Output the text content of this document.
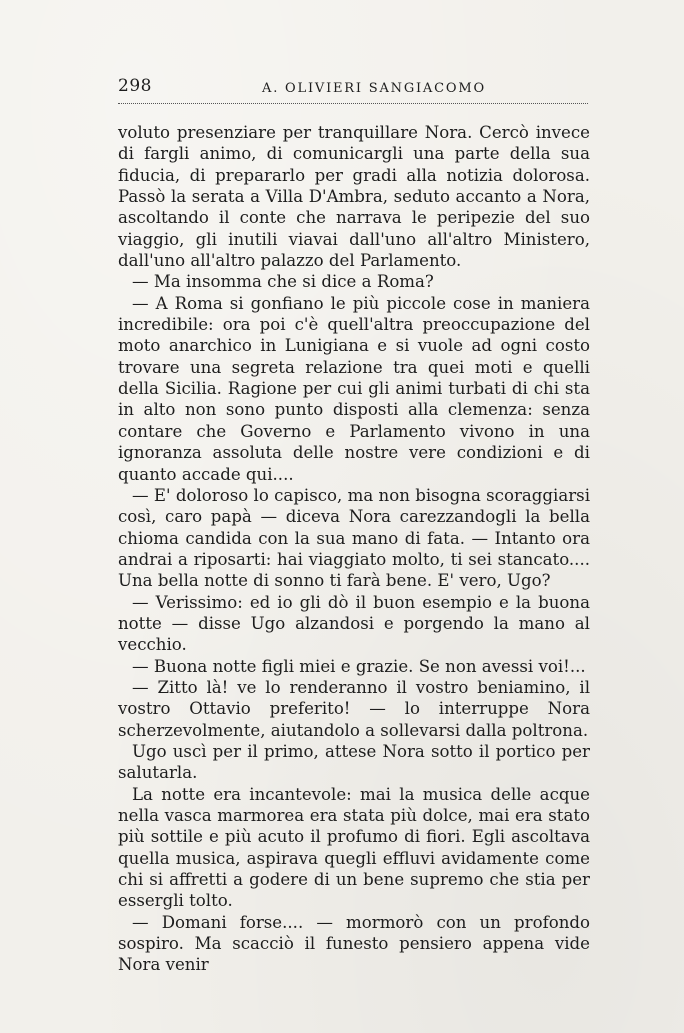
298	A. OLIVIERI SANGIACOMO

voluto presenziare per tranquillare Nora. Cercò invece di fargli animo, di comunicargli una parte della sua fiducia, di prepararlo per gradi alla notizia dolorosa. Passò la serata a Villa D'Ambra, seduto accanto a Nora, ascoltando il conte che narrava le peripezie del suo viaggio, gli inutili viavai dall'uno all'altro Ministero, dall'uno all'altro palazzo del Parlamento.

— Ma insomma che si dice a Roma?

— A Roma si gonfiano le più piccole cose in maniera incredibile: ora poi c'è quell'altra preoccupazione del moto anarchico in Lunigiana e si vuole ad ogni costo trovare una segreta relazione tra quei moti e quelli della Sicilia. Ragione per cui gli animi turbati di chi sta in alto non sono punto disposti alla clemenza: senza contare che Governo e Parlamento vivono in una ignoranza assoluta delle nostre vere condizioni e di quanto accade qui....

— E' doloroso lo capisco, ma non bisogna scoraggiarsi così, caro papà — diceva Nora carezzandogli la bella chioma candida con la sua mano di fata. — Intanto ora andrai a riposarti: hai viaggiato molto, ti sei stancato.... Una bella notte di sonno ti farà bene. E' vero, Ugo?

— Verissimo: ed io gli dò il buon esempio e la buona notte — disse Ugo alzandosi e porgendo la mano al vecchio.

— Buona notte figli miei e grazie. Se non avessi voi!...

— Zitto là! ve lo renderanno il vostro beniamino, il vostro Ottavio preferito! — lo interruppe Nora scherzevolmente, aiutandolo a sollevarsi dalla poltrona.

Ugo uscì per il primo, attese Nora sotto il portico per salutarla.

La notte era incantevole: mai la musica delle acque nella vasca marmorea era stata più dolce, mai era stato più sottile e più acuto il profumo di fiori. Egli ascoltava quella musica, aspirava quegli effluvi avidamente come chi si affretti a godere di un bene supremo che stia per essergli tolto.

— Domani forse.... — mormorò con un profondo sospiro. Ma scacciò il funesto pensiero appena vide Nora venir
